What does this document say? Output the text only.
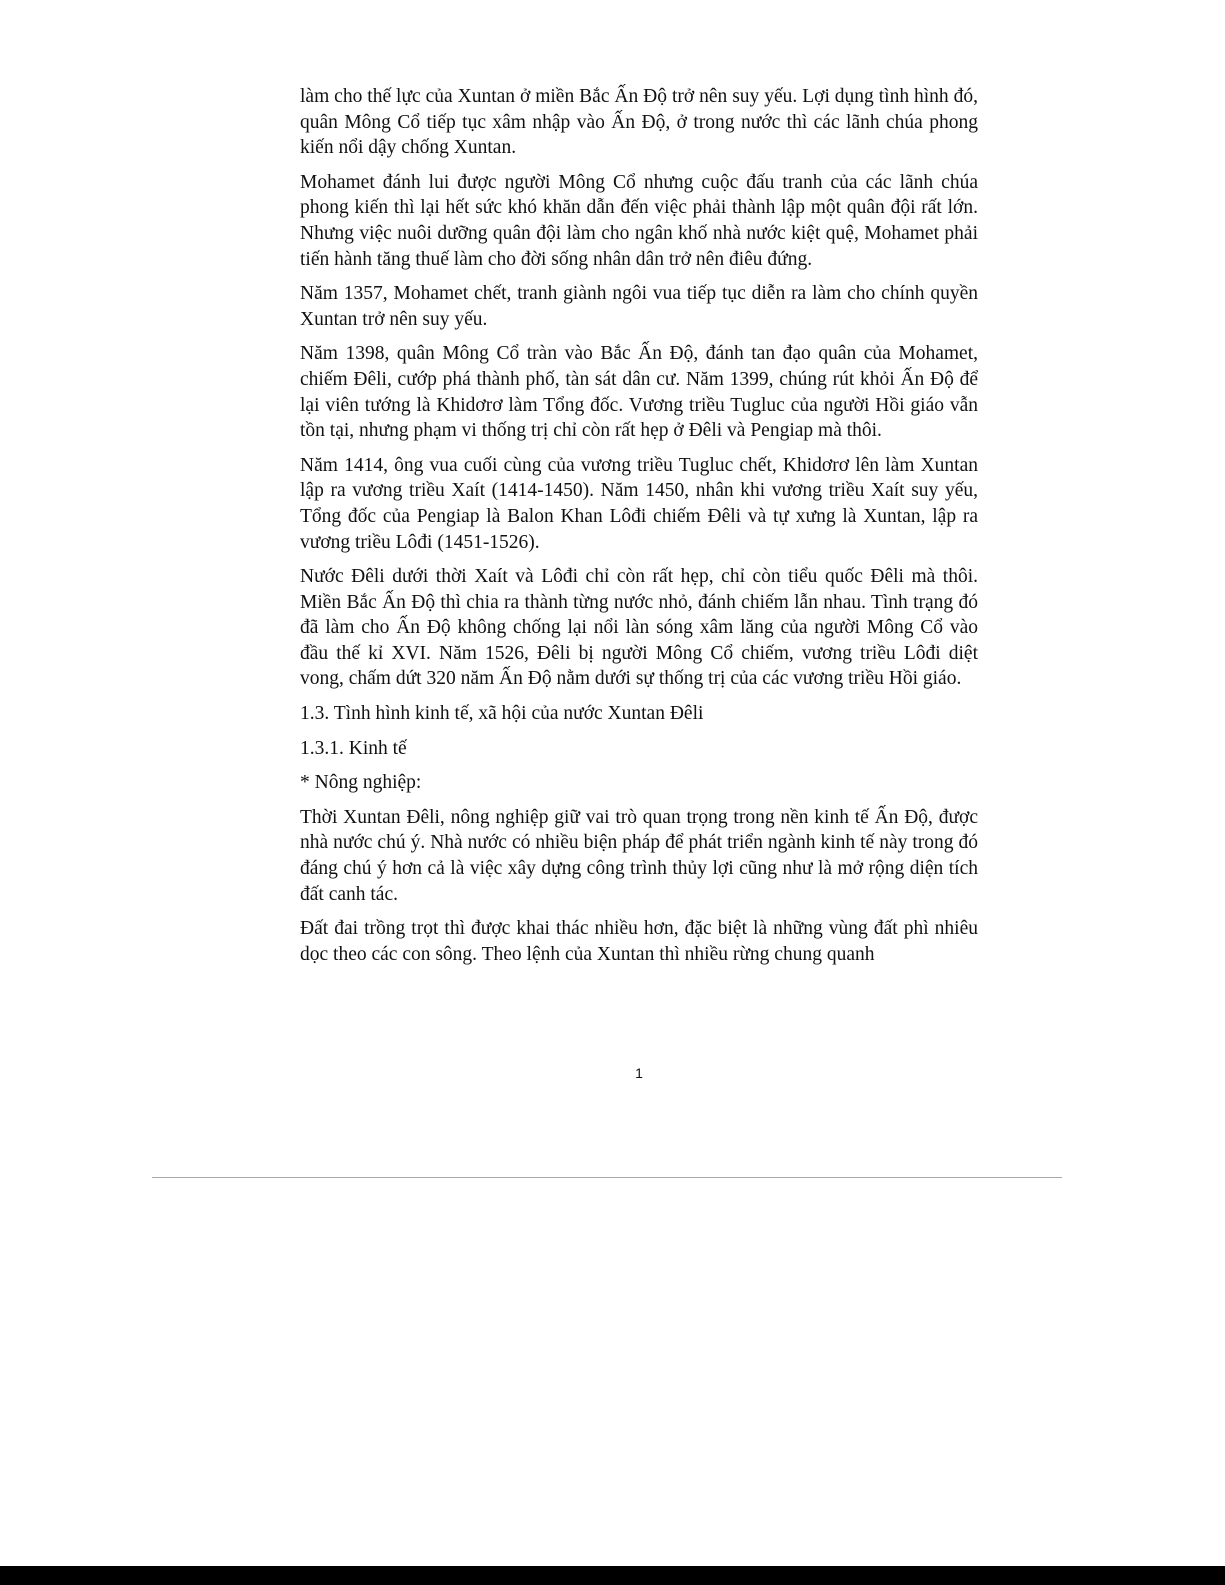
làm cho thế lực của Xuntan ở miền Bắc Ấn Độ trở nên suy yếu. Lợi dụng tình hình đó, quân Mông Cổ tiếp tục xâm nhập vào Ấn Độ, ở trong nước thì các lãnh chúa phong kiến nổi dậy chống Xuntan.

Mohamet đánh lui được người Mông Cổ nhưng cuộc đấu tranh của các lãnh chúa phong kiến thì lại hết sức khó khăn dẫn đến việc phải thành lập một quân đội rất lớn. Nhưng việc nuôi dưỡng quân đội làm cho ngân khố nhà nước kiệt quệ, Mohamet phải tiến hành tăng thuế làm cho đời sống nhân dân trở nên điêu đứng.

Năm 1357, Mohamet chết, tranh giành ngôi vua tiếp tục diễn ra làm cho chính quyền Xuntan trở nên suy yếu.

Năm 1398, quân Mông Cổ tràn vào Bắc Ấn Độ, đánh tan đạo quân của Mohamet, chiếm Đêli, cướp phá thành phố, tàn sát dân cư. Năm 1399, chúng rút khỏi Ấn Độ để lại viên tướng là Khidơrơ làm Tổng đốc. Vương triều Tugluc của người Hồi giáo vẫn tồn tại, nhưng phạm vi thống trị chỉ còn rất hẹp ở Đêli và Pengiap mà thôi.

Năm 1414, ông vua cuối cùng của vương triều Tugluc chết, Khidơrơ lên làm Xuntan lập ra vương triều Xaít (1414-1450). Năm 1450, nhân khi vương triều Xaít suy yếu, Tổng đốc của Pengiap là Balon Khan Lôđi chiếm Đêli và tự xưng là Xuntan, lập ra vương triều Lôđi (1451-1526).

Nước Đêli dưới thời Xaít và Lôđi chỉ còn rất hẹp, chỉ còn tiểu quốc Đêli mà thôi. Miền Bắc Ấn Độ thì chia ra thành từng nước nhỏ, đánh chiếm lẫn nhau. Tình trạng đó đã làm cho Ấn Độ không chống lại nổi làn sóng xâm lăng của người Mông Cổ vào đầu thế kỉ XVI. Năm 1526, Đêli bị người Mông Cổ chiếm, vương triều Lôđi diệt vong, chấm dứt 320 năm Ấn Độ nằm dưới sự thống trị của các vương triều Hồi giáo.

1.3. Tình hình kinh tế, xã hội của nước Xuntan Đêli

1.3.1. Kinh tế

* Nông nghiệp:

Thời Xuntan Đêli, nông nghiệp giữ vai trò quan trọng trong nền kinh tế Ấn Độ, được nhà nước chú ý. Nhà nước có nhiều biện pháp để phát triển ngành kinh tế này trong đó đáng chú ý hơn cả là việc xây dựng công trình thủy lợi cũng như là mở rộng diện tích đất canh tác.

Đất đai trồng trọt thì được khai thác nhiều hơn, đặc biệt là những vùng đất phì nhiêu dọc theo các con sông. Theo lệnh của Xuntan thì nhiều rừng chung quanh

1
